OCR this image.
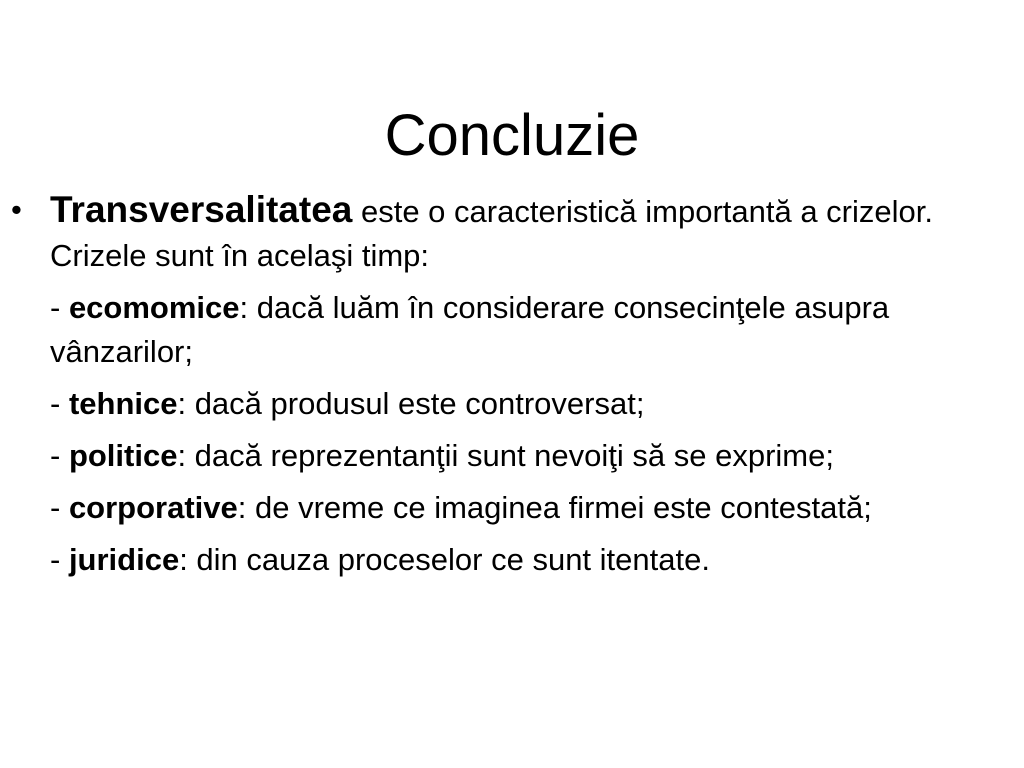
Concluzie
• Transversalitatea este o caracteristică importantă a crizelor. Crizele sunt în acelaşi timp:
- ecomomice: dacă luăm în considerare consecinţele asupra vânzarilor;
- tehnice: dacă produsul este controversat;
- politice: dacă reprezentanţii sunt nevoiţi să se exprime;
- corporative: de vreme ce imaginea firmei este contestată;
- juridice: din cauza proceselor ce sunt itentate.
